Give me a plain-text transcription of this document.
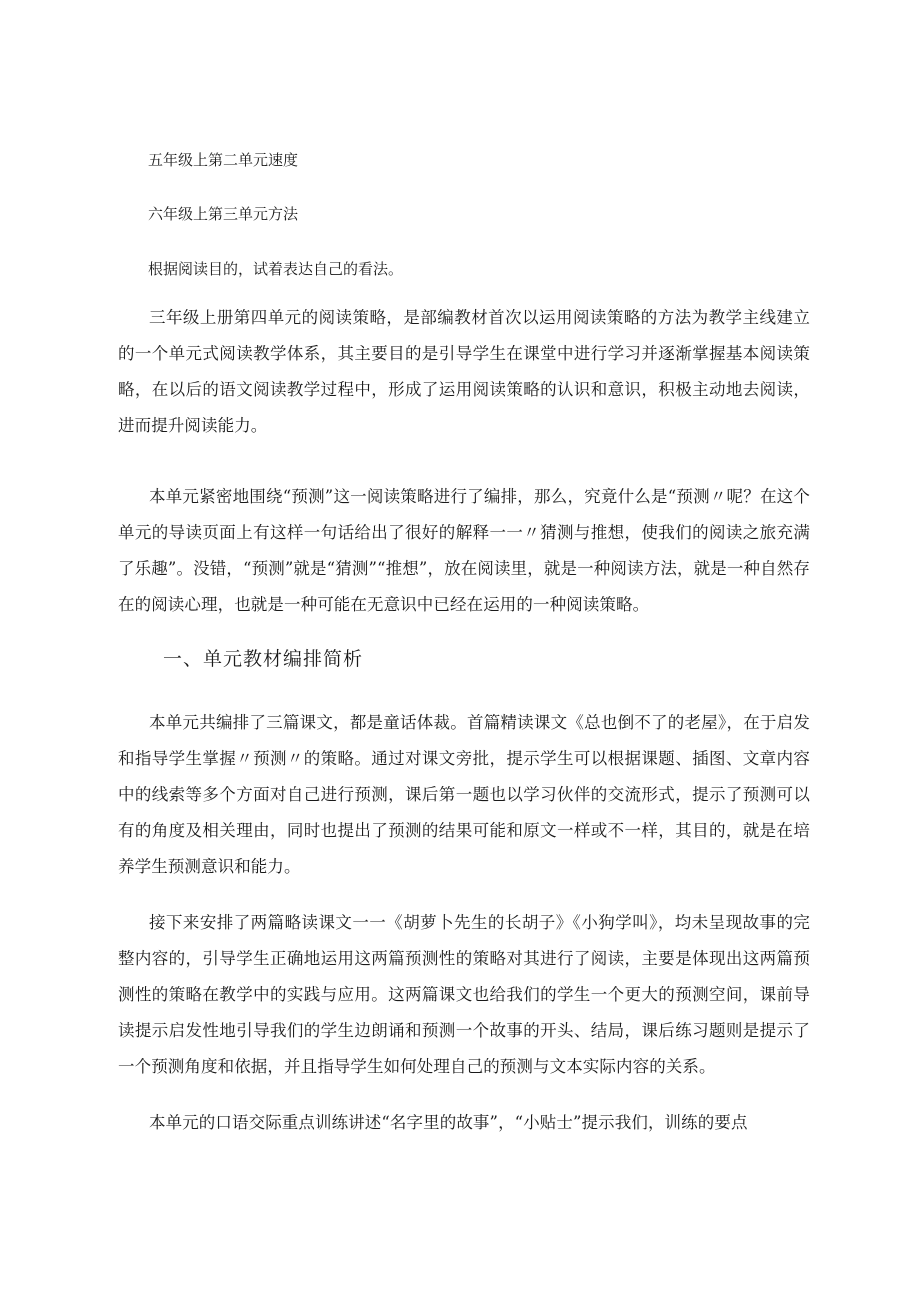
五年级上第二单元速度
六年级上第三单元方法
根据阅读目的，试着表达自己的看法。
三年级上册第四单元的阅读策略，是部编教材首次以运用阅读策略的方法为教学主线建立的一个单元式阅读教学体系，其主要目的是引导学生在课堂中进行学习并逐渐掌握基本阅读策略，在以后的语文阅读教学过程中，形成了运用阅读策略的认识和意识，积极主动地去阅读，进而提升阅读能力。
本单元紧密地围绕“预测”这一阅读策略进行了编排，那么，究竟什么是“预测〃呢？在这个单元的导读页面上有这样一句话给出了很好的解释一一〃猜测与推想，使我们的阅读之旅充满了乐趣”。没错，“预测”就是“猜测”“推想”，放在阅读里，就是一种阅读方法，就是一种自然存在的阅读心理，也就是一种可能在无意识中已经在运用的一种阅读策略。
一、单元教材编排简析
本单元共编排了三篇课文，都是童话体裁。首篇精读课文《总也倒不了的老屋》，在于启发和指导学生掌握〃预测〃的策略。通过对课文旁批，提示学生可以根据课题、插图、文章内容中的线索等多个方面对自己进行预测，课后第一题也以学习伙伴的交流形式，提示了预测可以有的角度及相关理由，同时也提出了预测的结果可能和原文一样或不一样，其目的，就是在培养学生预测意识和能力。
接下来安排了两篇略读课文一一《胡萝卜先生的长胡子》《小狗学叫》，均未呈现故事的完整内容的，引导学生正确地运用这两篇预测性的策略对其进行了阅读，主要是体现出这两篇预测性的策略在教学中的实践与应用。这两篇课文也给我们的学生一个更大的预测空间，课前导读提示启发性地引导我们的学生边朗诵和预测一个故事的开头、结局，课后练习题则是提示了一个预测角度和依据，并且指导学生如何处理自己的预测与文本实际内容的关系。
本单元的口语交际重点训练讲述“名字里的故事”，“小贴士”提示我们，训练的要点
